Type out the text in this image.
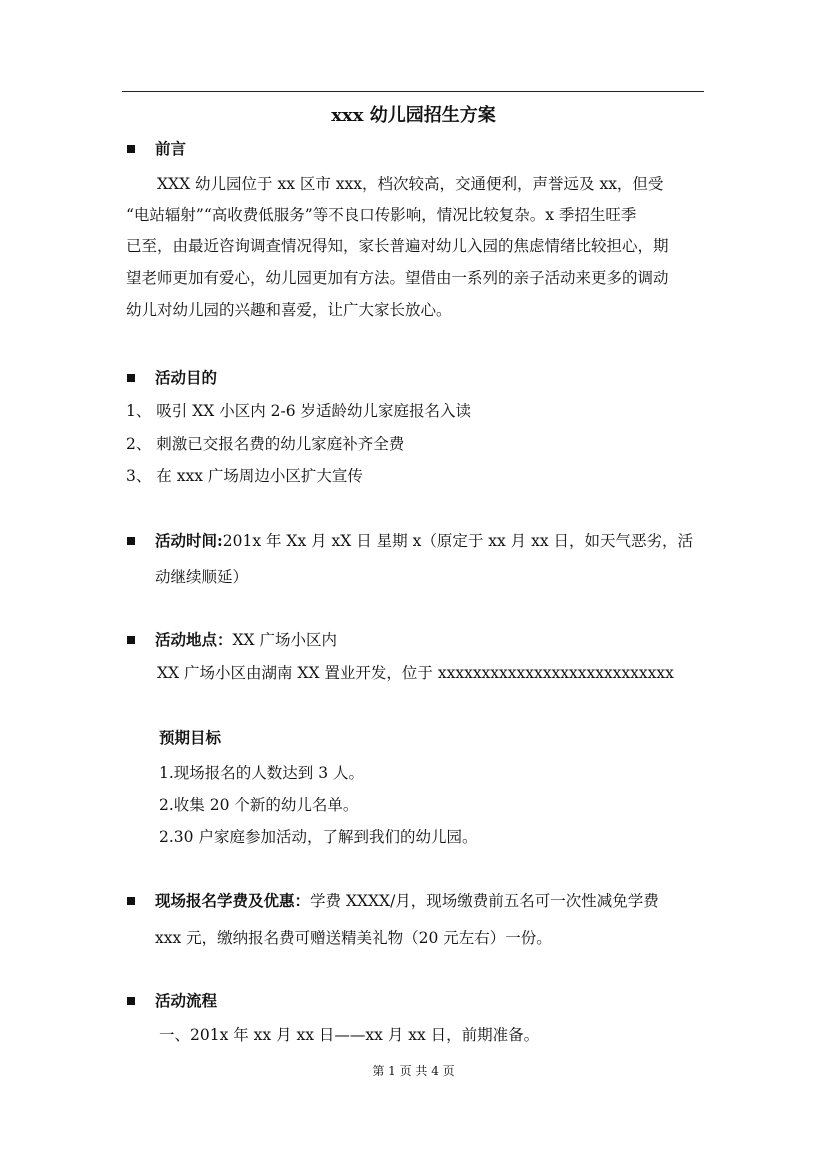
xxx 幼儿园招生方案
前言
XXX 幼儿园位于 xx 区市 xxx，档次较高，交通便利，声誉远及 xx，但受
“电站辐射”“高收费低服务”等不良口传影响，情况比较复杂。x 季招生旺季
已至，由最近咨询调查情况得知，家长普遍对幼儿入园的焦虑情绪比较担心，期
望老师更加有爱心，幼儿园更加有方法。望借由一系列的亲子活动来更多的调动
幼儿对幼儿园的兴趣和喜爱，让广大家长放心。
活动目的
1、 吸引 XX 小区内 2-6 岁适龄幼儿家庭报名入读
2、 刺激已交报名费的幼儿家庭补齐全费
3、 在 xxx 广场周边小区扩大宣传
活动时间:201x 年 Xx 月 xX 日 星期 x（原定于 xx 月 xx 日，如天气恶劣，活
动继续顺延）
活动地点：XX 广场小区内
XX 广场小区由湖南 XX 置业开发，位于 xxxxxxxxxxxxxxxxxxxxxxxxxxx
预期目标
1.现场报名的人数达到 3 人。
2.收集 20 个新的幼儿名单。
2.30 户家庭参加活动，了解到我们的幼儿园。
现场报名学费及优惠：学费 XXXX/月，现场缴费前五名可一次性减免学费
xxx 元，缴纳报名费可赠送精美礼物（20 元左右）一份。
活动流程
一、201x 年 xx 月 xx 日——xx 月 xx 日，前期准备。
第 1 页 共 4 页
